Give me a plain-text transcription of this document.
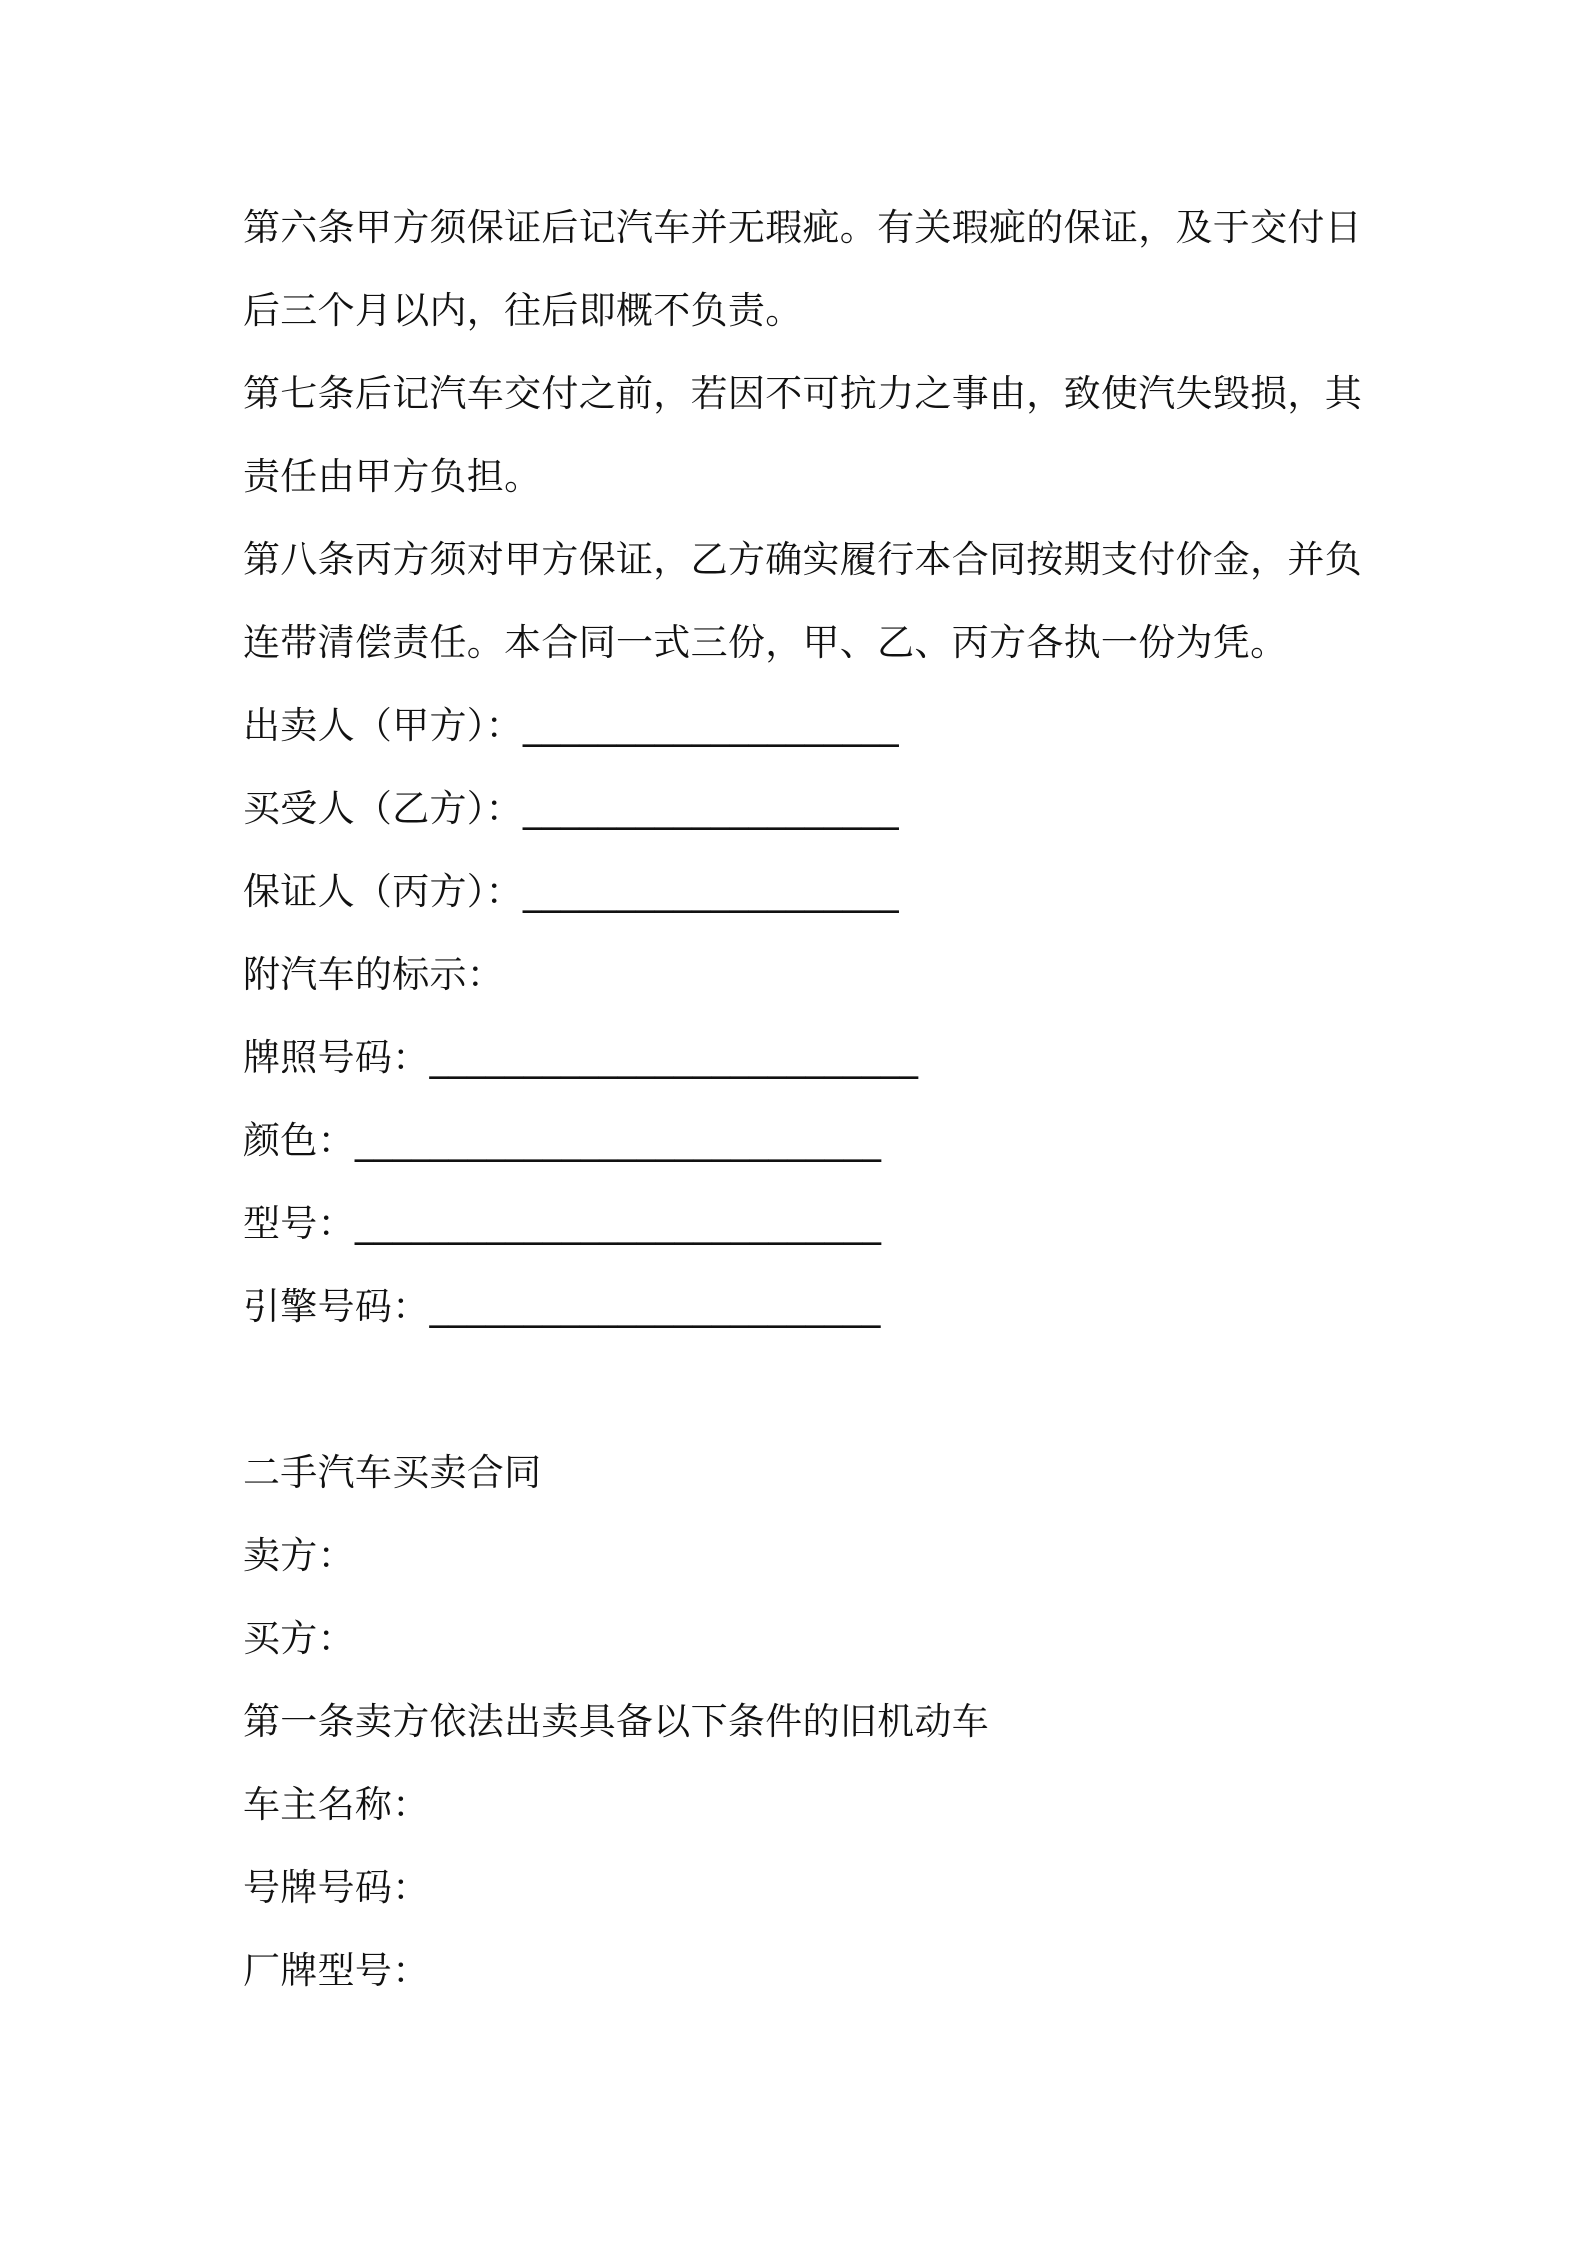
第六条甲方须保证后记汽车并无瑕疵。有关瑕疵的保证，及于交付日
后三个月以内，往后即概不负责。
第七条后记汽车交付之前，若因不可抗力之事由，致使汽失毁损，其
责任由甲方负担。
第八条丙方须对甲方保证，乙方确实履行本合同按期支付价金，并负
连带清偿责任。本合同一式三份，甲、乙、丙方各执一份为凭。
出卖人（甲方）：____________________
买受人（乙方）：____________________
保证人（丙方）：____________________
附汽车的标示：
牌照号码：__________________________
颜色：____________________________
型号：____________________________
引擎号码：________________________
二手汽车买卖合同
卖方：
买方：
第一条卖方依法出卖具备以下条件的旧机动车
车主名称：
号牌号码：
厂牌型号：
